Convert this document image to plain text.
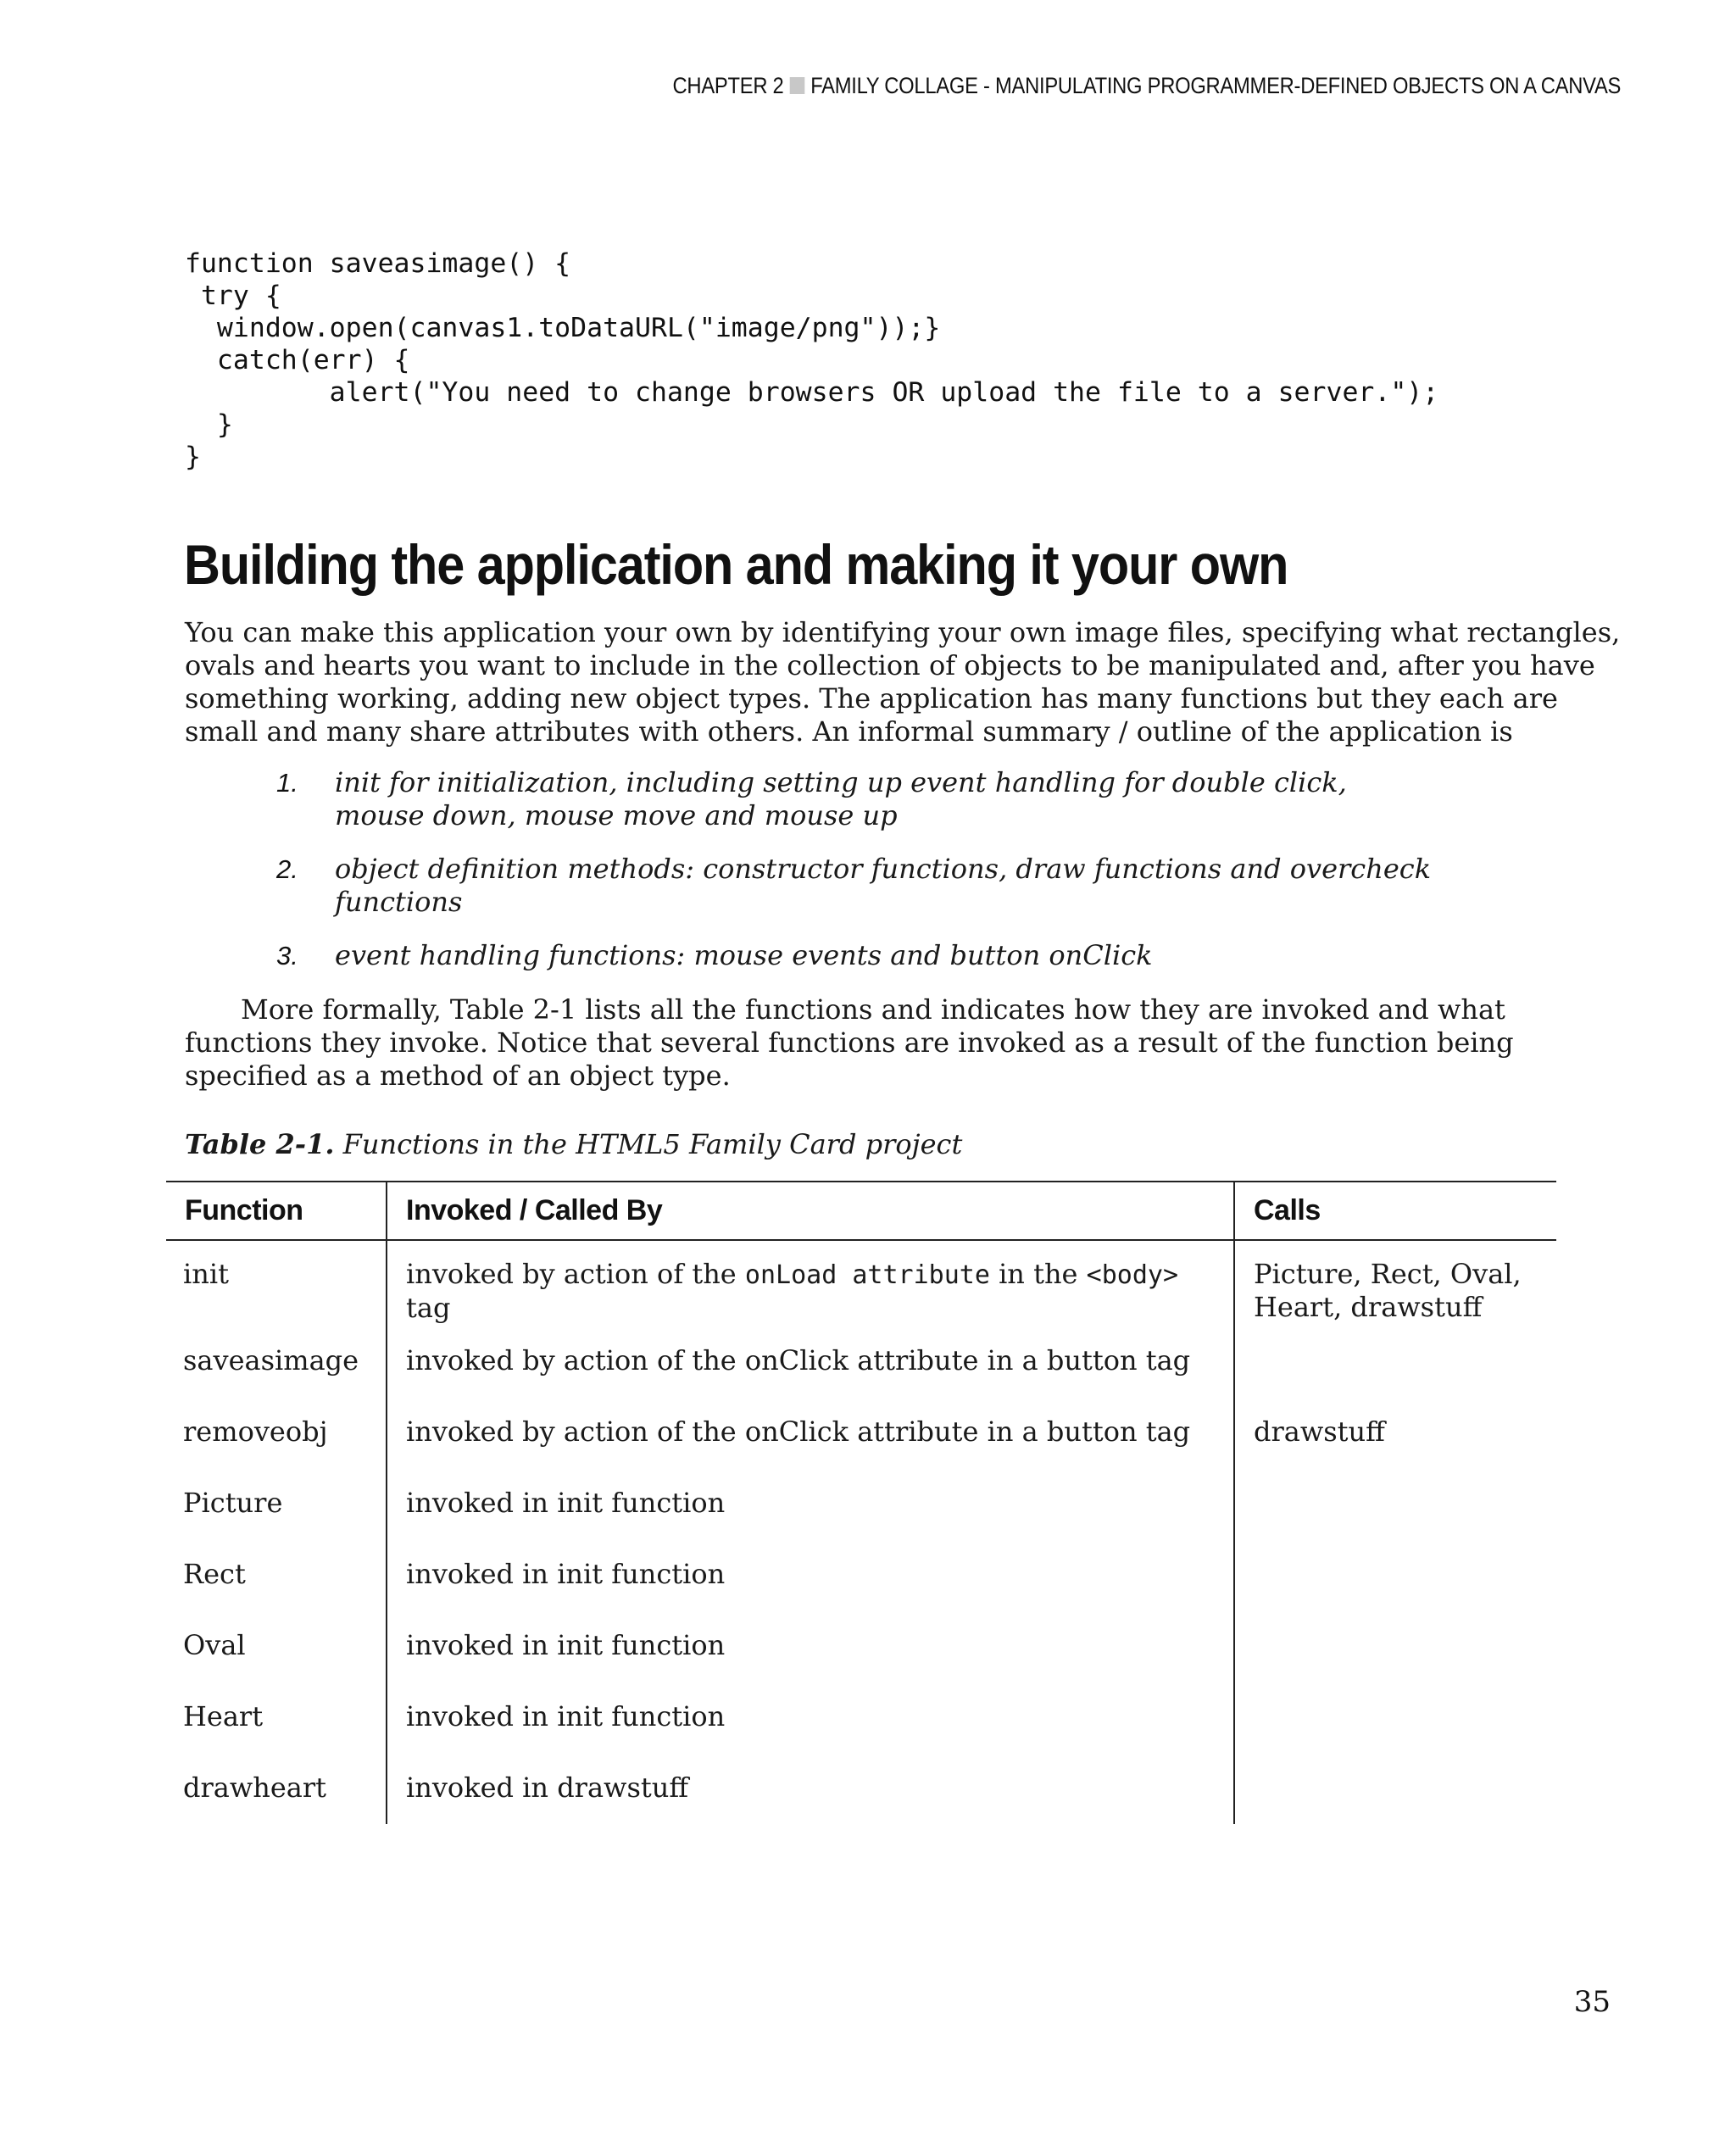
CHAPTER 2 FAMILY COLLAGE - MANIPULATING PROGRAMMER-DEFINED OBJECTS ON A CANVAS
function saveasimage() {
try {
window.open(canvas1.toDataURL("image/png"));}
catch(err) {
alert("You need to change browsers OR upload the file to a server.");
}
}
Building the application and making it your own

You can make this application your own by identifying your own image files, specifying what rectangles,
ovals and hearts you want to include in the collection of objects to be manipulated and, after you have
something working, adding new object types. The application has many functions but they each are
small and many share attributes with others. An informal summary / outline of the application is

1. init for initialization, including setting up event handling for double click,
mouse down, mouse move and mouse up
2. object definition methods: constructor functions, draw functions and overcheck
functions
3. event handling functions: mouse events and button onClick

More formally, Table 2-1 lists all the functions and indicates how they are invoked and what
functions they invoke. Notice that several functions are invoked as a result of the function being
specified as a method of an object type.

Table 2-1. Functions in the HTML5 Family Card project

Function	Invoked / Called By	Calls
init	invoked by action of the onLoad attribute in the <body> tag	Picture, Rect, Oval,
Heart, drawstuff

saveasimage	invoked by action of the onClick attribute in a button tag	
removeobj	invoked by action of the onClick attribute in a button tag	drawstuff
Picture	invoked in init function	
Rect	invoked in init function	
Oval	invoked in init function	
Heart	invoked in init function	
drawheart	invoked in drawstuff	
35
